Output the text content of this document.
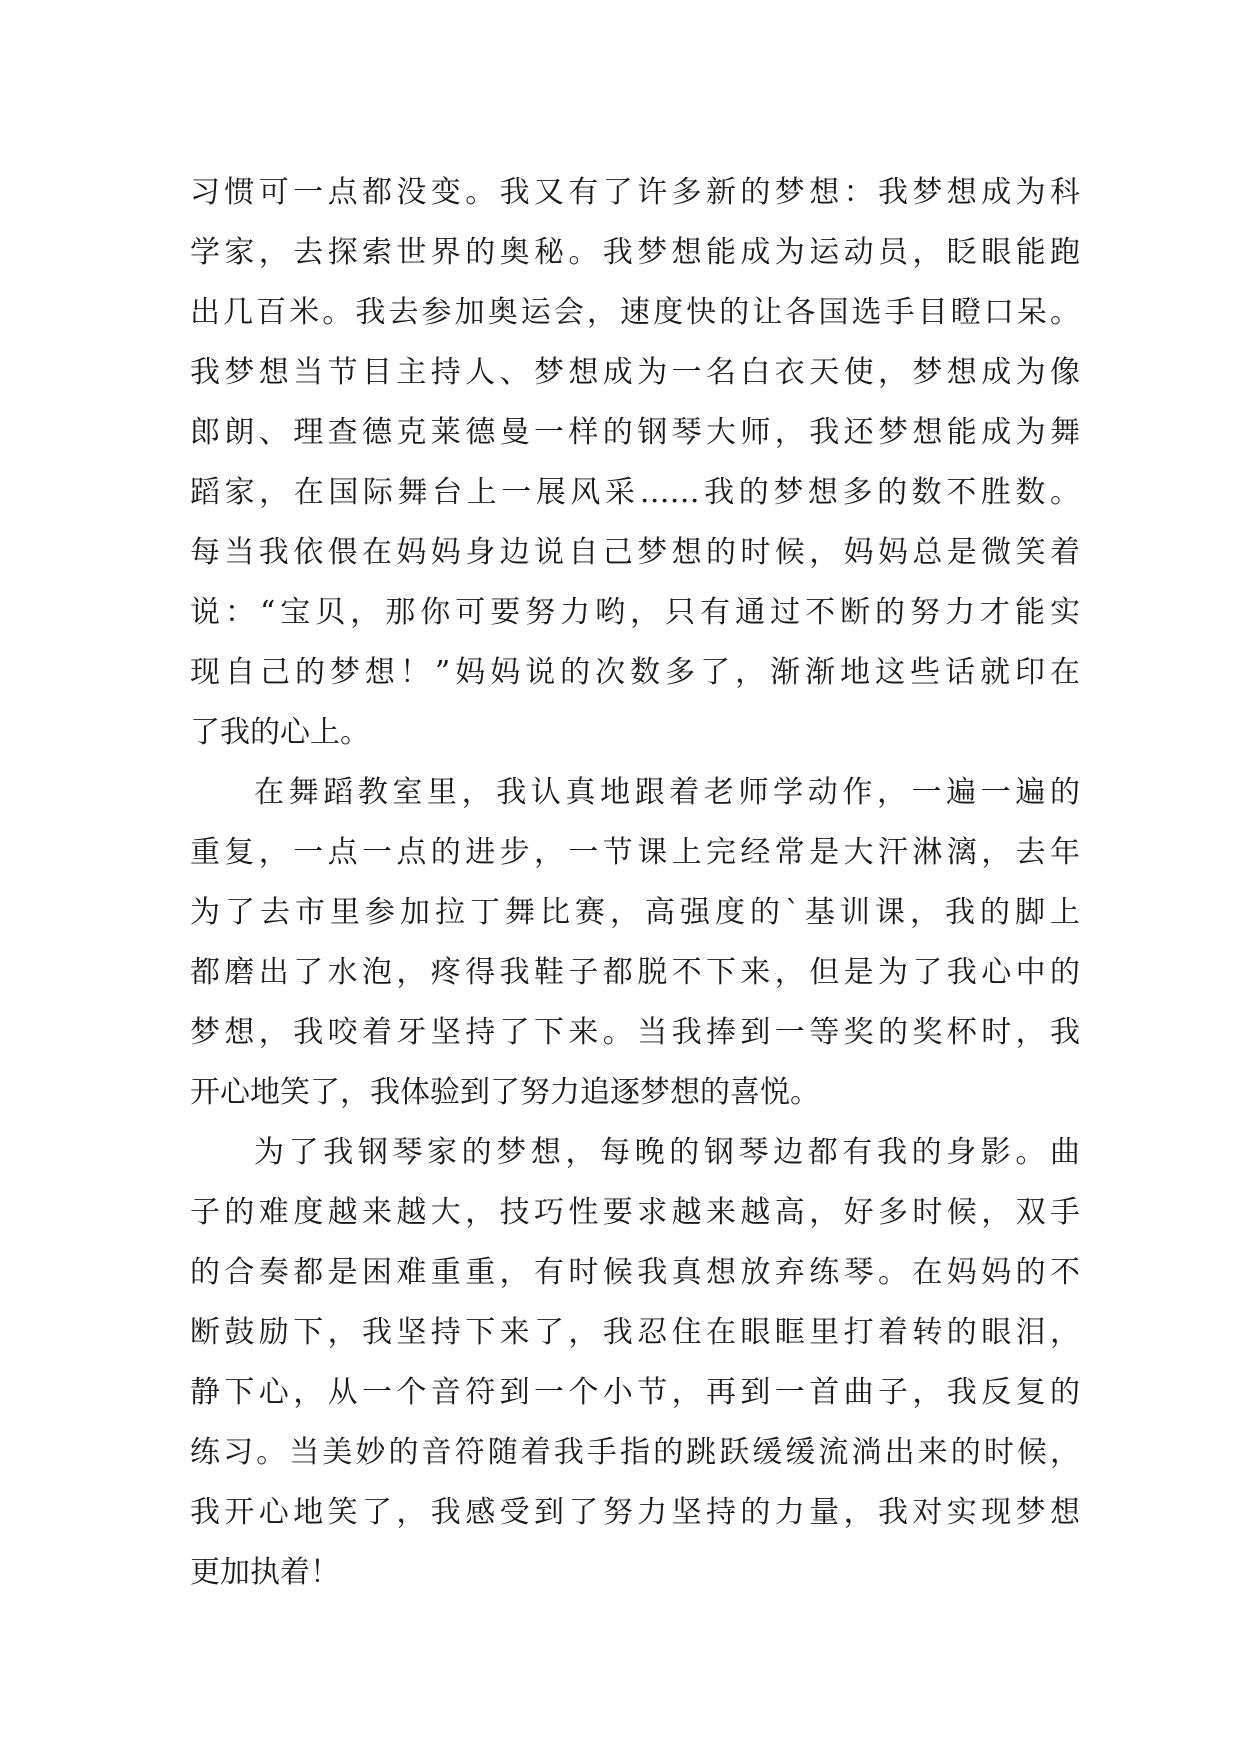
习惯可一点都没变。我又有了许多新的梦想：我梦想成为科
学家，去探索世界的奥秘。我梦想能成为运动员，眨眼能跑
出几百米。我去参加奥运会，速度快的让各国选手目瞪口呆。
我梦想当节目主持人、梦想成为一名白衣天使，梦想成为像
郎朗、理查德克莱德曼一样的钢琴大师，我还梦想能成为舞
蹈家，在国际舞台上一展风采……我的梦想多的数不胜数。
每当我依偎在妈妈身边说自己梦想的时候，妈妈总是微笑着
说：“宝贝，那你可要努力哟，只有通过不断的努力才能实
现自己的梦想！”妈妈说的次数多了，渐渐地这些话就印在
了我的心上。
在舞蹈教室里，我认真地跟着老师学动作，一遍一遍的
重复，一点一点的进步，一节课上完经常是大汗淋漓，去年
为了去市里参加拉丁舞比赛，高强度的`基训课，我的脚上
都磨出了水泡，疼得我鞋子都脱不下来，但是为了我心中的
梦想，我咬着牙坚持了下来。当我捧到一等奖的奖杯时，我
开心地笑了，我体验到了努力追逐梦想的喜悦。
为了我钢琴家的梦想，每晚的钢琴边都有我的身影。曲
子的难度越来越大，技巧性要求越来越高，好多时候，双手
的合奏都是困难重重，有时候我真想放弃练琴。在妈妈的不
断鼓励下，我坚持下来了，我忍住在眼眶里打着转的眼泪，
静下心，从一个音符到一个小节，再到一首曲子，我反复的
练习。当美妙的音符随着我手指的跳跃缓缓流淌出来的时候，
我开心地笑了，我感受到了努力坚持的力量，我对实现梦想
更加执着！
